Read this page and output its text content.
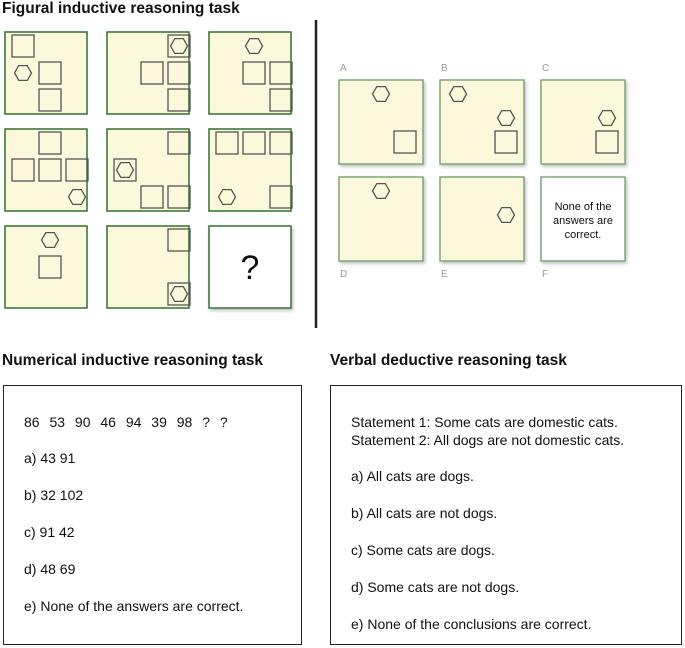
Figural inductive reasoning task
?
A	B	C
D	E	F
None of the
answers are
correct.
Numerical inductive reasoning task	Verbal deductive reasoning task
86 53 90 46 94 39 98 ? ?
a) 43 91
b) 32 102
c) 91 42
d) 48 69
e) None of the answers are correct.
Statement 1: Some cats are domestic cats.
Statement 2: All dogs are not domestic cats.
a) All cats are dogs.
b) All cats are not dogs.
c) Some cats are dogs.
d) Some cats are not dogs.
e) None of the conclusions are correct.
